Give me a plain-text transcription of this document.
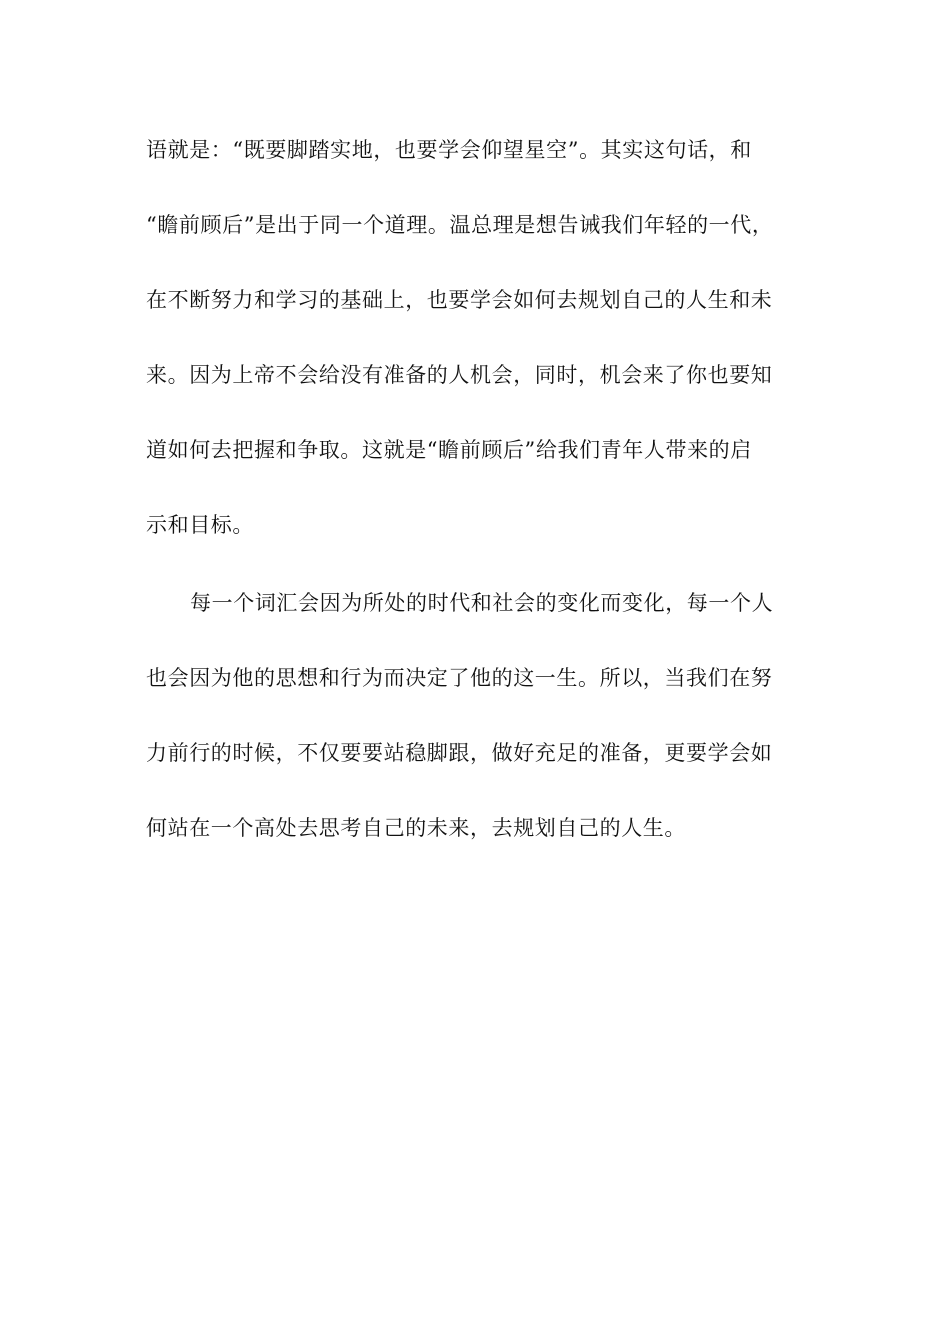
语就是：“既要脚踏实地，也要学会仰望星空”。其实这句话，和
“瞻前顾后”是出于同一个道理。温总理是想告诫我们年轻的一代，
在不断努力和学习的基础上，也要学会如何去规划自己的人生和未
来。因为上帝不会给没有准备的人机会，同时，机会来了你也要知
道如何去把握和争取。这就是“瞻前顾后”给我们青年人带来的启
示和目标。
每一个词汇会因为所处的时代和社会的变化而变化，每一个人
也会因为他的思想和行为而决定了他的这一生。所以，当我们在努
力前行的时候，不仅要要站稳脚跟，做好充足的准备，更要学会如
何站在一个高处去思考自己的未来，去规划自己的人生。
